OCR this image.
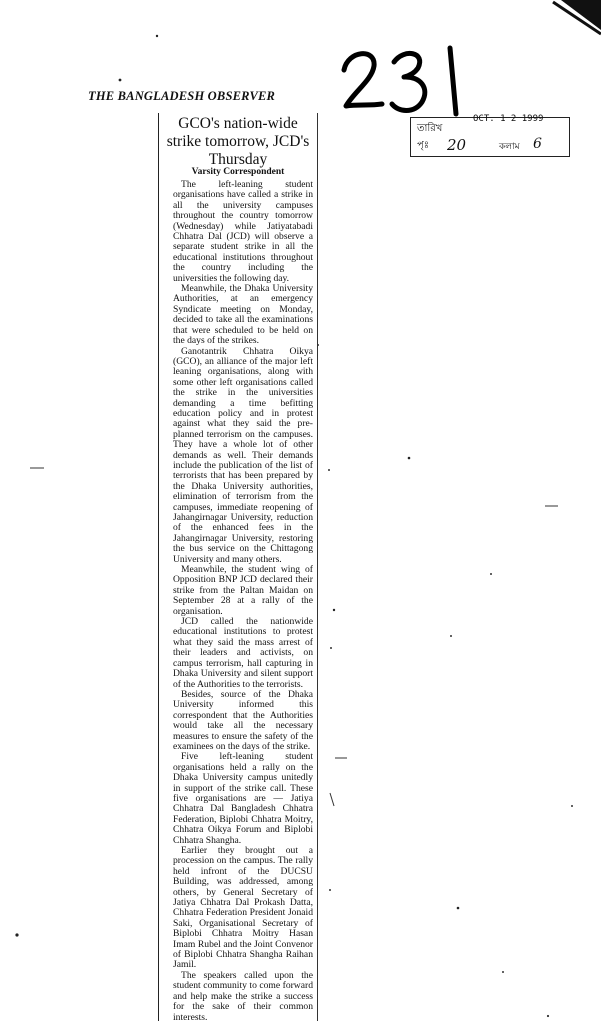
THE BANGLADESH OBSERVER
তারিখ
OCT. 1 2 1999
পৃঃ 20	কলাম 6
GCO's nation-wide strike tomorrow, JCD's Thursday
Varsity Correspondent

The left-leaning student organisations have called a strike in all the university campuses throughout the country tomorrow (Wednesday) while Jatiyatabadi Chhatra Dal (JCD) will observe a separate student strike in all the educational institutions throughout the country including the universities the following day.

Meanwhile, the Dhaka University Authorities, at an emergency Syndicate meeting on Monday, decided to take all the examinations that were scheduled to be held on the days of the strikes.

Ganotantrik Chhatra Oikya (GCO), an alliance of the major left leaning organisations, along with some other left organisations called the strike in the universities demanding a time befitting education policy and in protest against what they said the pre-planned terrorism on the campuses. They have a whole lot of other demands as well. Their demands include the publication of the list of terrorists that has been prepared by the Dhaka University authorities, elimination of terrorism from the campuses, immediate reopening of Jahangirnagar University, reduction of the enhanced fees in the Jahangirnagar University, restoring the bus service on the Chittagong University and many others.

Meanwhile, the student wing of Opposition BNP JCD declared their strike from the Paltan Maidan on September 28 at a rally of the organisation.

JCD called the nationwide educational institutions to protest what they said the mass arrest of their leaders and activists, on campus terrorism, hall capturing in Dhaka University and silent support of the Authorities to the terrorists.

Besides, source of the Dhaka University informed this correspondent that the Authorities would take all the necessary measures to ensure the safety of the examinees on the days of the strike.

Five left-leaning student organisations held a rally on the Dhaka University campus unitedly in support of the strike call. These five organisations are — Jatiya Chhatra Dal Bangladesh Chhatra Federation, Biplobi Chhatra Moitry, Chhatra Oikya Forum and Biplobi Chhatra Shangha.

Earlier they brought out a procession on the campus. The rally held infront of the DUCSU Building, was addressed, among others, by General Secretary of Jatiya Chhatra Dal Prokash Datta, Chhatra Federation President Jonaid Saki, Organisational Secretary of Biplobi Chhatra Moitry Hasan Imam Rubel and the Joint Convenor of Biplobi Chhatra Shangha Raihan Jamil.

The speakers called upon the student community to come forward and help make the strike a success for the sake of their common interests.
